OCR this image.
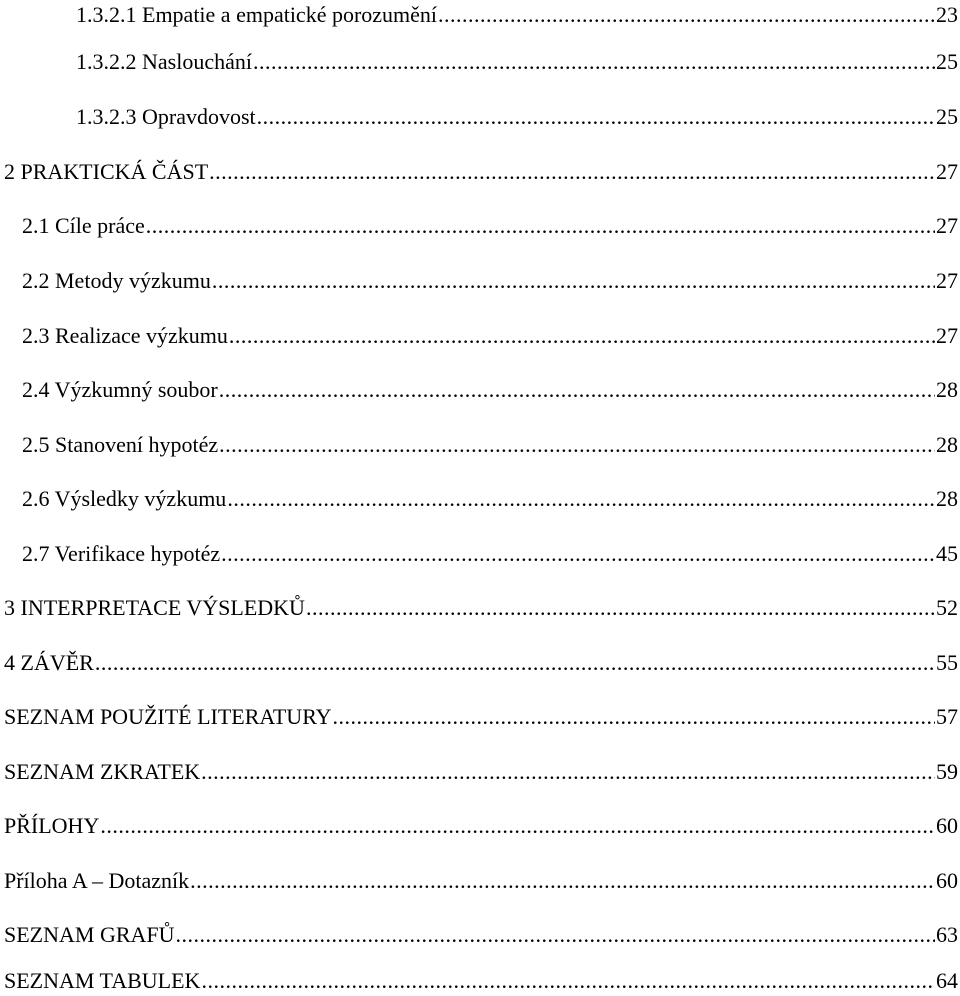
1.3.2.1 Empatie a empatické porozumění .....	23
1.3.2.2 Naslouchání .....	25
1.3.2.3 Opravdovost .....	25
2 PRAKTICKÁ ČÁST .....	27
2.1 Cíle práce .....	27
2.2 Metody výzkumu .....	27
2.3 Realizace výzkumu .....	27
2.4 Výzkumný soubor .....	28
2.5 Stanovení hypotéz .....	28
2.6 Výsledky výzkumu .....	28
2.7 Verifikace hypotéz .....	45
3 INTERPRETACE VÝSLEDKŮ .....	52
4 ZÁVĚR .....	55
SEZNAM POUŽITÉ LITERATURY .....	57
SEZNAM ZKRATEK .....	59
PŘÍLOHY .....	60
Příloha A – Dotazník .....	60
SEZNAM GRAFŮ .....	63
SEZNAM TABULEK .....	64
